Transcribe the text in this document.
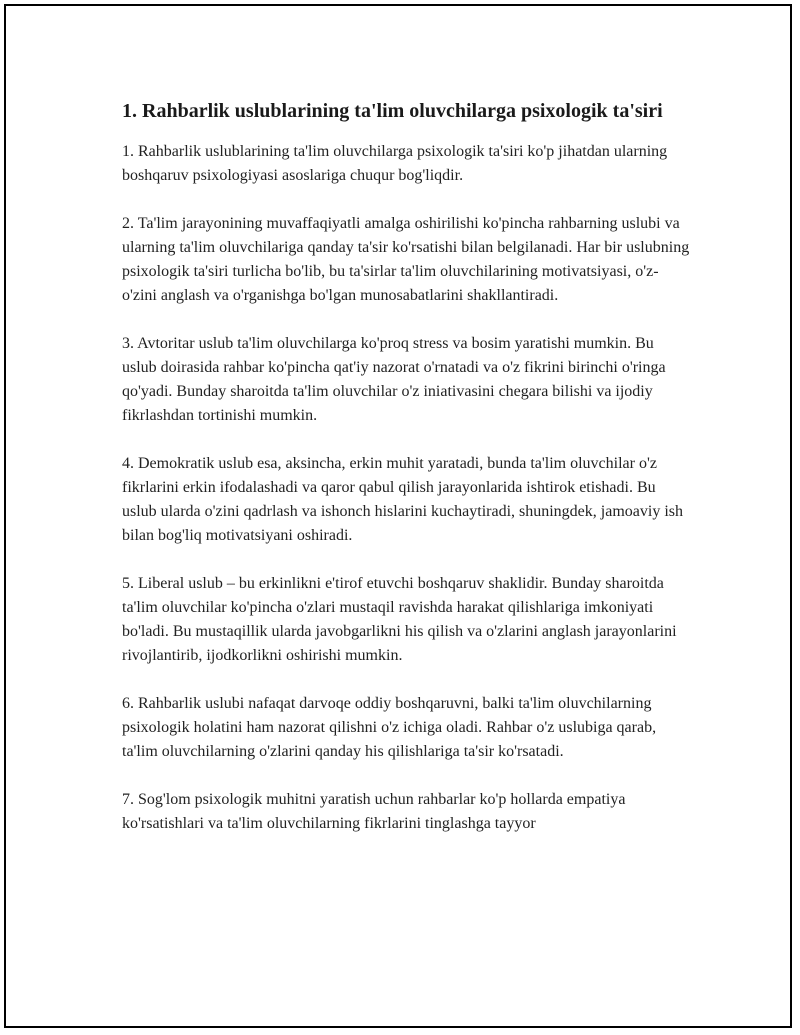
1. Rahbarlik uslublarining ta'lim oluvchilarga psixologik ta'siri

1. Rahbarlik uslublarining ta'lim oluvchilarga psixologik ta'siri ko'p jihatdan ularning boshqaruv psixologiyasi asoslariga chuqur bog'liqdir.

2. Ta'lim jarayonining muvaffaqiyatli amalga oshirilishi ko'pincha rahbarning uslubi va ularning ta'lim oluvchilariga qanday ta'sir ko'rsatishi bilan belgilanadi. Har bir uslubning psixologik ta'siri turlicha bo'lib, bu ta'sirlar ta'lim oluvchilarining motivatsiyasi, o'z-o'zini anglash va o'rganishga bo'lgan munosabatlarini shakllantiradi.

3. Avtoritar uslub ta'lim oluvchilarga ko'proq stress va bosim yaratishi mumkin. Bu uslub doirasida rahbar ko'pincha qat'iy nazorat o'rnatadi va o'z fikrini birinchi o'ringa qo'yadi. Bunday sharoitda ta'lim oluvchilar o'z iniativasini chegara bilishi va ijodiy fikrlashdan tortinishi mumkin.

4. Demokratik uslub esa, aksincha, erkin muhit yaratadi, bunda ta'lim oluvchilar o'z fikrlarini erkin ifodalashadi va qaror qabul qilish jarayonlarida ishtirok etishadi. Bu uslub ularda o'zini qadrlash va ishonch hislarini kuchaytiradi, shuningdek, jamoaviy ish bilan bog'liq motivatsiyani oshiradi.

5. Liberal uslub – bu erkinlikni e'tirof etuvchi boshqaruv shaklidir. Bunday sharoitda ta'lim oluvchilar ko'pincha o'zlari mustaqil ravishda harakat qilishlariga imkoniyati bo'ladi. Bu mustaqillik ularda javobgarlikni his qilish va o'zlarini anglash jarayonlarini rivojlantirib, ijodkorlikni oshirishi mumkin.

6. Rahbarlik uslubi nafaqat darvoqe oddiy boshqaruvni, balki ta'lim oluvchilarning psixologik holatini ham nazorat qilishni o'z ichiga oladi. Rahbar o'z uslubiga qarab, ta'lim oluvchilarning o'zlarini qanday his qilishlariga ta'sir ko'rsatadi.

7. Sog'lom psixologik muhitni yaratish uchun rahbarlar ko'p hollarda empatiya ko'rsatishlari va ta'lim oluvchilarning fikrlarini tinglashga tayyor
